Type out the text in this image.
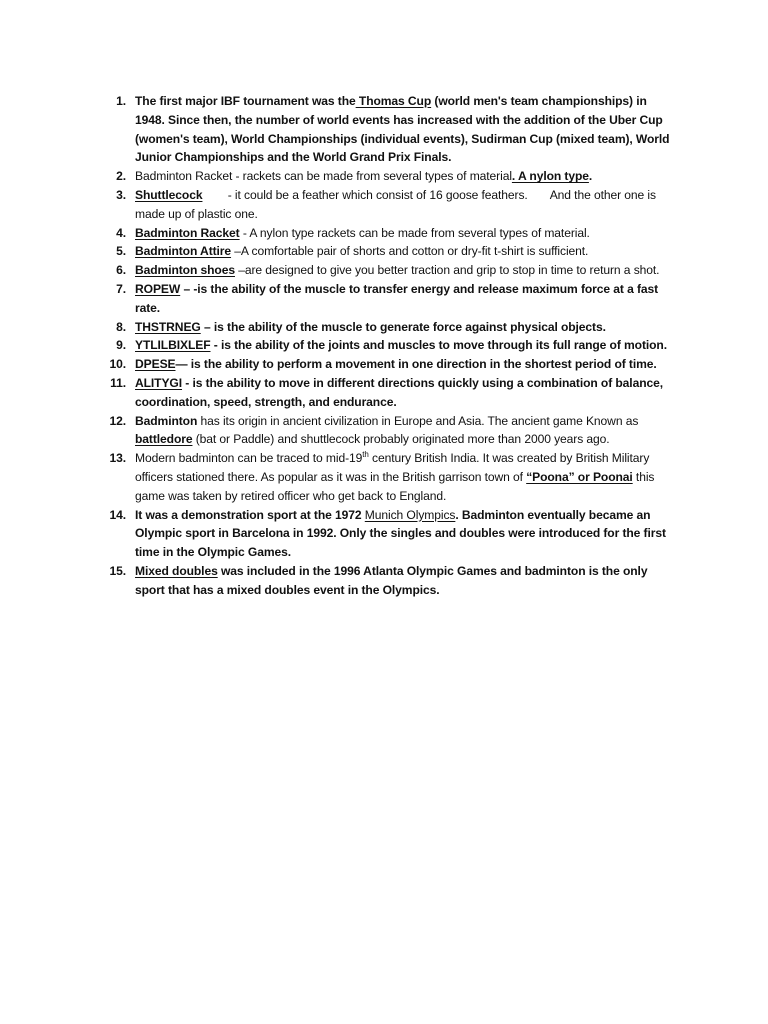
1. The first major IBF tournament was the Thomas Cup (world men's team championships) in 1948. Since then, the number of world events has increased with the addition of the Uber Cup (women's team), World Championships (individual events), Sudirman Cup (mixed team), World Junior Championships and the World Grand Prix Finals.
2. Badminton Racket - rackets can be made from several types of material. A nylon type.
3. Shuttlecock - it could be a feather which consist of 16 goose feathers. And the other one is made up of plastic one.
4. Badminton Racket - A nylon type rackets can be made from several types of material.
5. Badminton Attire –A comfortable pair of shorts and cotton or dry-fit t-shirt is sufficient.
6. Badminton shoes –are designed to give you better traction and grip to stop in time to return a shot.
7. ROPEW – -is the ability of the muscle to transfer energy and release maximum force at a fast rate.
8. THSTRNEG – is the ability of the muscle to generate force against physical objects.
9. YTLILBIXLEF - is the ability of the joints and muscles to move through its full range of motion.
10. DPESE— is the ability to perform a movement in one direction in the shortest period of time.
11. ALITYGI - is the ability to move in different directions quickly using a combination of balance, coordination, speed, strength, and endurance.
12. Badminton has its origin in ancient civilization in Europe and Asia. The ancient game Known as battledore (bat or Paddle) and shuttlecock probably originated more than 2000 years ago.
13. Modern badminton can be traced to mid-19th century British India. It was created by British Military officers stationed there. As popular as it was in the British garrison town of “Poona” or Poonai this game was taken by retired officer who get back to England.
14. It was a demonstration sport at the 1972 Munich Olympics. Badminton eventually became an Olympic sport in Barcelona in 1992. Only the singles and doubles were introduced for the first time in the Olympic Games.
15. Mixed doubles was included in the 1996 Atlanta Olympic Games and badminton is the only sport that has a mixed doubles event in the Olympics.
